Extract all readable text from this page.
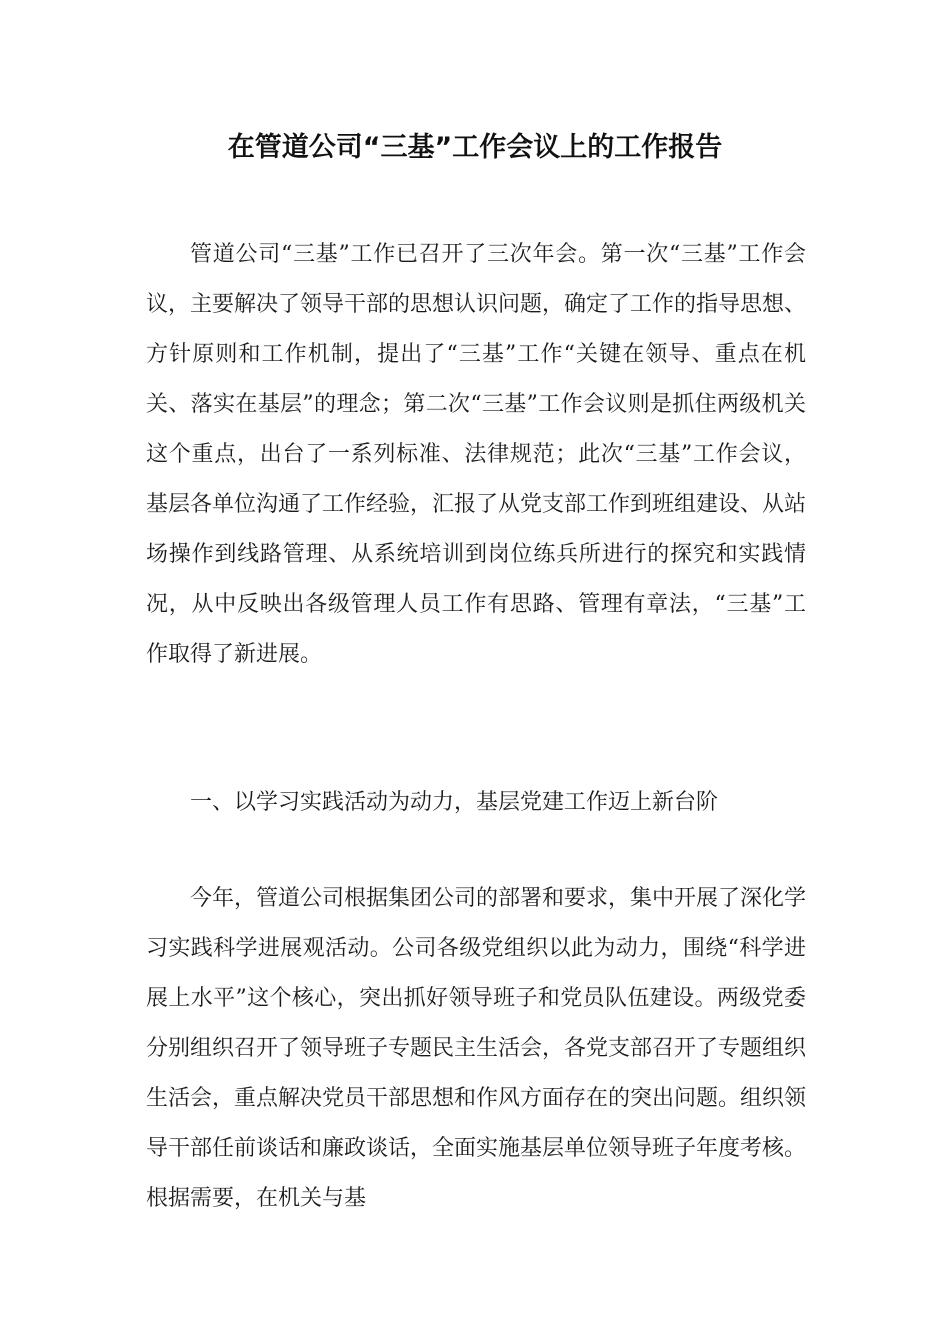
在管道公司“三基”工作会议上的工作报告

管道公司“三基”工作已召开了三次年会。第一次“三基”工作会议，主要解决了领导干部的思想认识问题，确定了工作的指导思想、方针原则和工作机制，提出了“三基”工作“关键在领导、重点在机关、落实在基层”的理念；第二次“三基”工作会议则是抓住两级机关这个重点，出台了一系列标准、法律规范；此次“三基”工作会议，基层各单位沟通了工作经验，汇报了从党支部工作到班组建设、从站场操作到线路管理、从系统培训到岗位练兵所进行的探究和实践情况，从中反映出各级管理人员工作有思路、管理有章法，“三基”工作取得了新进展。

一、以学习实践活动为动力，基层党建工作迈上新台阶

今年，管道公司根据集团公司的部署和要求，集中开展了深化学习实践科学进展观活动。公司各级党组织以此为动力，围绕“科学进展上水平”这个核心，突出抓好领导班子和党员队伍建设。两级党委分别组织召开了领导班子专题民主生活会，各党支部召开了专题组织生活会，重点解决党员干部思想和作风方面存在的突出问题。组织领导干部任前谈话和廉政谈话，全面实施基层单位领导班子年度考核。根据需要，在机关与基
